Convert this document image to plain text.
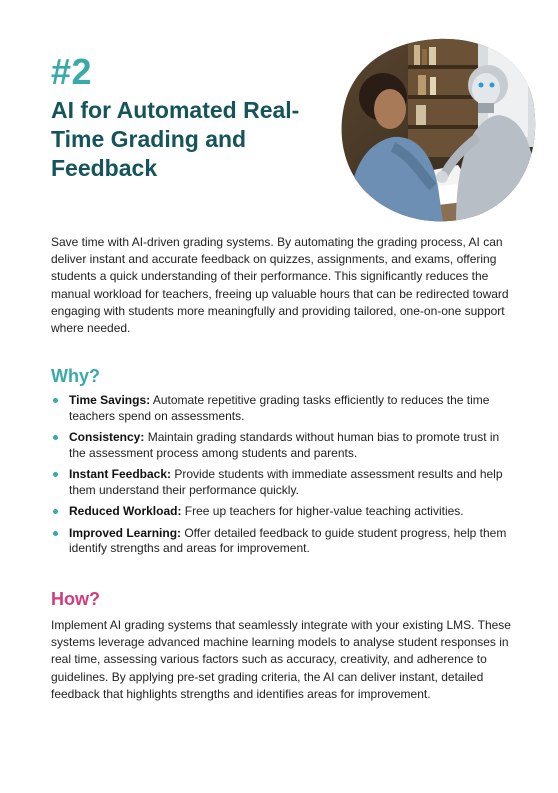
#2
AI for Automated Real-Time Grading and Feedback

Save time with AI-driven grading systems. By automating the grading process, AI can deliver instant and accurate feedback on quizzes, assignments, and exams, offering students a quick understanding of their performance. This significantly reduces the manual workload for teachers, freeing up valuable hours that can be redirected toward engaging with students more meaningfully and providing tailored, one-on-one support where needed.

Why?
Time Savings: Automate repetitive grading tasks efficiently to reduces the time teachers spend on assessments.
Consistency: Maintain grading standards without human bias to promote trust in the assessment process among students and parents.
Instant Feedback: Provide students with immediate assessment results and help them understand their performance quickly.
Reduced Workload: Free up teachers for higher-value teaching activities.
Improved Learning: Offer detailed feedback to guide student progress, help them identify strengths and areas for improvement.
How?

Implement AI grading systems that seamlessly integrate with your existing LMS. These systems leverage advanced machine learning models to analyse student responses in real time, assessing various factors such as accuracy, creativity, and adherence to guidelines. By applying pre-set grading criteria, the AI can deliver instant, detailed feedback that highlights strengths and identifies areas for improvement.
